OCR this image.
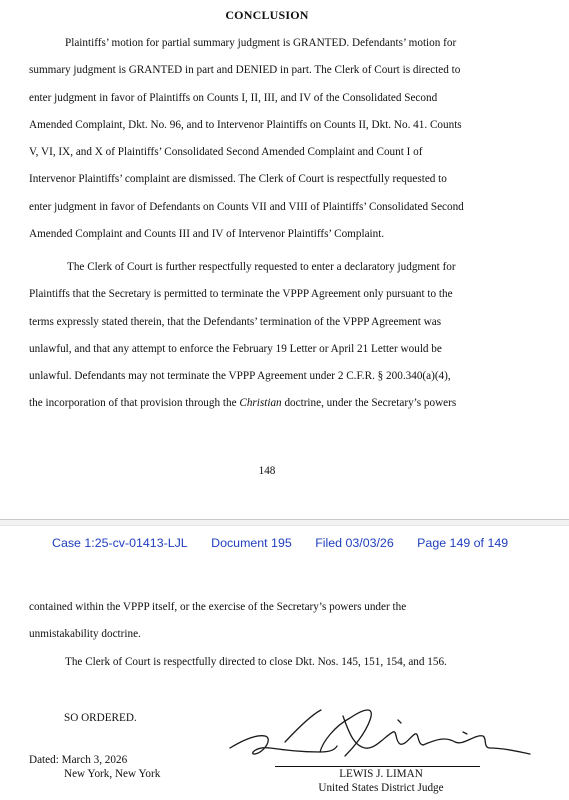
CONCLUSION
Plaintiffs’ motion for partial summary judgment is GRANTED. Defendants’ motion for
summary judgment is GRANTED in part and DENIED in part. The Clerk of Court is directed to
enter judgment in favor of Plaintiffs on Counts I, II, III, and IV of the Consolidated Second
Amended Complaint, Dkt. No. 96, and to Intervenor Plaintiffs on Counts II, Dkt. No. 41. Counts
V, VI, IX, and X of Plaintiffs’ Consolidated Second Amended Complaint and Count I of
Intervenor Plaintiffs’ complaint are dismissed. The Clerk of Court is respectfully requested to
enter judgment in favor of Defendants on Counts VII and VIII of Plaintiffs’ Consolidated Second
Amended Complaint and Counts III and IV of Intervenor Plaintiffs’ Complaint.
The Clerk of Court is further respectfully requested to enter a declaratory judgment for
Plaintiffs that the Secretary is permitted to terminate the VPPP Agreement only pursuant to the
terms expressly stated therein, that the Defendants’ termination of the VPPP Agreement was
unlawful, and that any attempt to enforce the February 19 Letter or April 21 Letter would be
unlawful. Defendants may not terminate the VPPP Agreement under 2 C.F.R. § 200.340(a)(4),
the incorporation of that provision through the Christian doctrine, under the Secretary’s powers
148
Case 1:25-cv-01413-LJL Document 195 Filed 03/03/26 Page 149 of 149
contained within the VPPP itself, or the exercise of the Secretary’s powers under the
unmistakability doctrine.
The Clerk of Court is respectfully directed to close Dkt. Nos. 145, 151, 154, and 156.
SO ORDERED.
Dated: March 3, 2026
New York, New York	LEWIS J. LIMAN
United States District Judge
